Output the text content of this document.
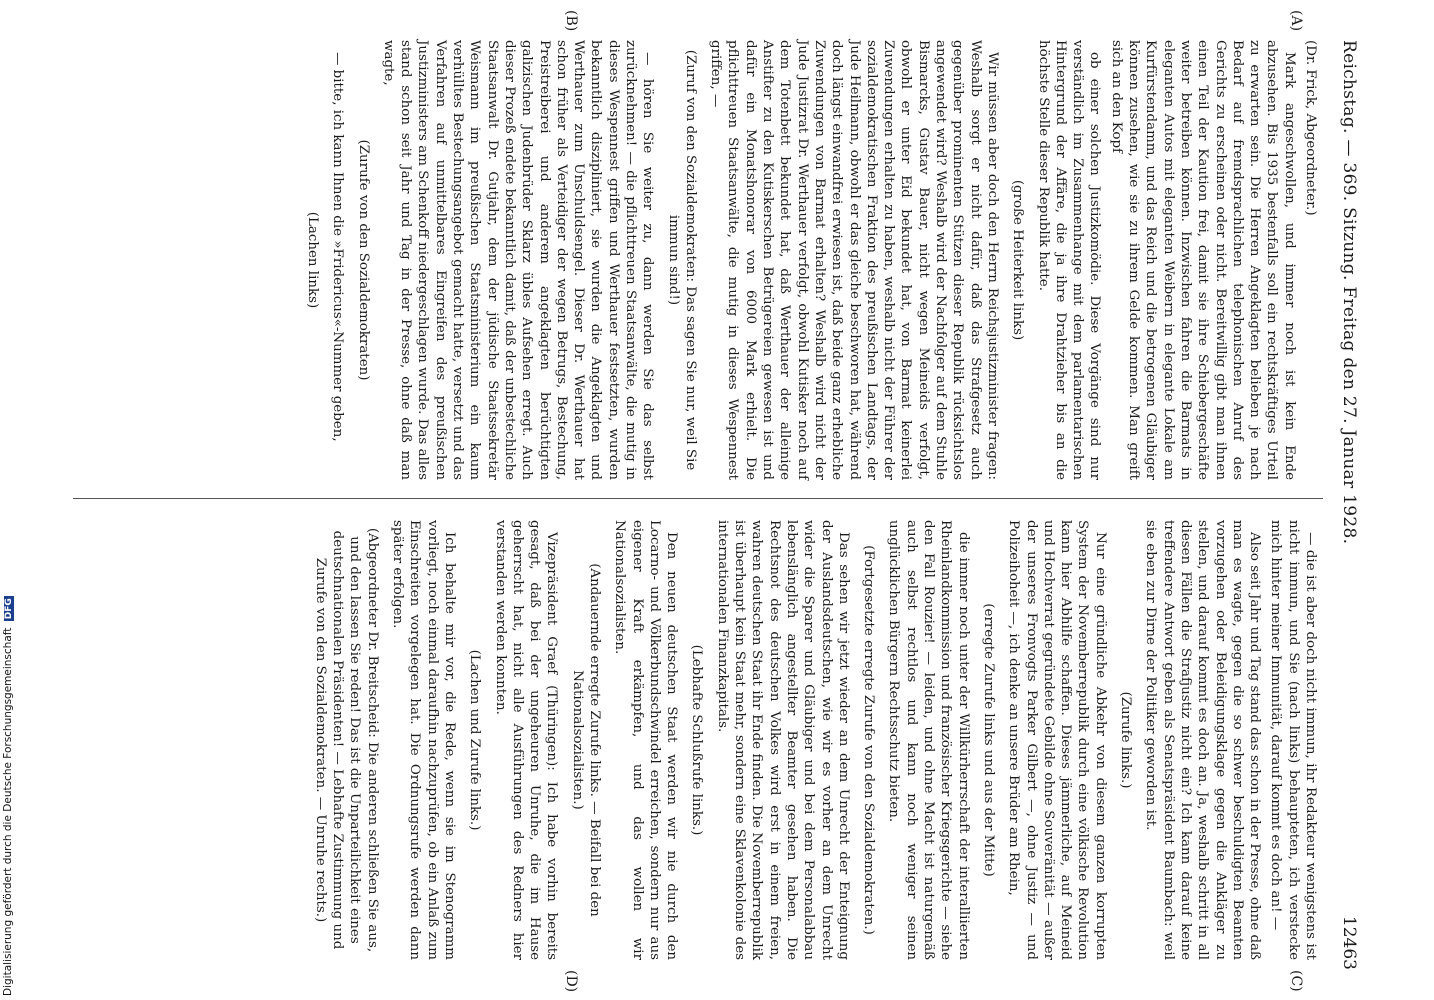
Reichstag. — 369. Sitzung. Freitag den 27. Januar 1928.
12463
(A)
(B)
(C)
(D)

(Dr. Frick, Abgeordneter.)

Mark angeschwollen, und immer noch ist kein Ende abzusehen. Bis 1935 bestenfalls soll ein rechtskräftiges Urteil zu erwarten sein. Die Herren Angeklagten belieben je nach Bedarf auf fremdsprachlichen telephonischen Anruf des Gerichts zu erscheinen oder nicht. Bereitwillig gibt man ihnen einen Teil der Kaution frei, damit sie ihre Schiebergeschäfte weiter betreiben können. Inzwischen fahren die Barmats in eleganten Autos mit eleganten Weibern in elegante Lokale am Kurfürstendamm, und das Reich und die betrogenen Gläubiger können zusehen, wie sie zu ihrem Gelde kommen. Man greift sich an den Kopf

ob einer solchen Justizkomödie. Diese Vorgänge sind nur verständlich im Zusammenhange mit dem parlamentarischen Hintergrund der Affäre, die ja ihre Drahtzieher bis an die höchste Stelle dieser Republik hatte.

(große Heiterkeit links)

Wir müssen aber doch den Herrn Reichsjustizminister fragen: Weshalb sorgt er nicht dafür, daß das Strafgesetz auch gegenüber prominenten Stützen dieser Republik rücksichtslos angewendet wird? Weshalb wird der Nachfolger auf dem Stuhle Bismarcks, Gustav Bauer, nicht wegen Meineids verfolgt, obwohl er unter Eid bekundet hat, von Barmat keinerlei Zuwendungen erhalten zu haben, weshalb nicht der Führer der sozialdemokratischen Fraktion des preußischen Landtags, der Jude Heilmann, obwohl er das gleiche beschworen hat, während doch längst einwandfrei erwiesen ist, daß beide ganz erhebliche Zuwendungen von Barmat erhalten? Weshalb wird nicht der Jude Justizrat Dr. Werthauer verfolgt, obwohl Kutisker noch auf dem Totenbett bekundet hat, daß Werthauer der alleinige Anstifter zu den Kutiskerschen Betrügereien gewesen ist und dafür ein Monatshonorar von 6000 Mark erhielt. Die pflichttreuen Staatsanwälte, die mutig in dieses Wespennest griffen, —

(Zuruf von den Sozialdemokraten: Das sagen Sie nur, weil Sie immun sind!)

— hören Sie weiter zu, dann werden Sie das selbst zurücknehmen! — die pflichttreuen Staatsanwälte, die mutig in dieses Wespennest griffen und Werthauer festsetzten, wurden bekanntlich diszipliniert, sie wurden die Angeklagten und Werthauer zum Unschuldsengel. Dieser Dr. Werthauer hat schon früher als Verteidiger der wegen Betrugs, Bestechung, Preistreiberei und anderem angeklagten berüchtigten galizischen Judenbrüder Sklarz übles Aufsehen erregt. Auch dieser Prozeß endete bekanntlich damit, daß der unbestechliche Staatsanwalt Dr. Gutjahr, dem der jüdische Staatssekretär Weismann im preußischen Staatsministerium ein kaum verhülltes Bestechungsangebot gemacht hatte, versetzt und das Verfahren auf unmittelbares Eingreifen des preußischen Justizministers am Schenkoff niedergeschlagen wurde. Das alles stand schon seit Jahr und Tag in der Presse, ohne daß man wagte,

(Zurufe von den Sozialdemokraten)

— bitte, ich kann Ihnen die »Fridericus«-Nummer geben,

(Lachen links)

— die ist aber doch nicht immun, ihr Redakteur wenigstens ist nicht immun, und Sie (nach links) behaupteten, ich verstecke mich hinter meiner Immunität, darauf kommt es doch an! —

Also seit Jahr und Tag stand das schon in der Presse, ohne daß man es wagte, gegen die so schwer beschuldigten Beamten vorzugehen oder Beleidigungsklage gegen die Ankläger zu stellen, und darauf kommt es doch an. Ja, weshalb schritt in all diesen Fällen die Strafjustiz nicht ein? Ich kann darauf keine treffendere Antwort geben als Senatspräsident Baumbach: weil sie eben zur Dirne der Politiker geworden ist.

(Zurufe links.)

Nur eine gründliche Abkehr von diesem ganzen korrupten System der Novemberrepublik durch eine völkische Revolution kann hier Abhilfe schaffen. Dieses jämmerliche, auf Meineid und Hochverrat gegründete Gebilde ohne Souveränität — außer der unseres Fronvogts Parker Gilbert —, ohne Justiz — und Polizeihoheit —, ich denke an unsere Brüder am Rhein,

(erregte Zurufe links und aus der Mitte)

die immer noch unter der Willkürherrschaft der interalliierten Rheinlandkommission und französischer Kriegsgerichte — siehe den Fall Rouzier! — leiden, und ohne Macht ist naturgemäß auch selbst rechtlos und kann noch weniger seinen unglücklichen Bürgern Rechtsschutz bieten.

(Fortgesetzte erregte Zurufe von den Sozialdemokraten.)

Das sehen wir jetzt wieder an dem Unrecht der Enteignung der Auslandsdeutschen, wie wir es vorher an dem Unrecht wider die Sparer und Gläubiger und bei dem Personalabbau lebenslänglich angestellter Beamter gesehen haben. Die Rechtsnot des deutschen Volkes wird erst in einem freien, wahren deutschen Staat ihr Ende finden. Die Novemberrepublik ist überhaupt kein Staat mehr, sondern eine Sklavenkolonie des internationalen Finanzkapitals.

(Lebhafte Schlußrufe links.)

Den neuen deutschen Staat werden wir nie durch den Locarno- und Völkerbundschwindel erreichen, sondern nur aus eigener Kraft erkämpfen, und das wollen wir Nationalsozialisten.

(Andauernde erregte Zurufe links. — Beifall bei den Nationalsozialisten.)

Vizepräsident Graef (Thüringen): Ich habe vorhin bereits gesagt, daß bei der ungeheuren Unruhe, die im Hause geherrscht hat, nicht alle Ausführungen des Redners hier verstanden werden konnten.

(Lachen und Zurufe links.)

Ich behalte mir vor, die Rede, wenn sie im Stenogramm vorliegt, noch einmal daraufhin nachzuprüfen, ob ein Anlaß zum Einschreiten vorgelegen hat. Die Ordnungsrufe werden dann später erfolgen.

(Abgeordneter Dr. Breitscheid: Die anderen schließen Sie aus, und den lassen Sie reden! Das ist die Unparteilichkeit eines deutschnationalen Präsidenten! — Lebhafte Zustimmung und Zurufe von den Sozialdemokraten. — Unruhe rechts.)

Digitalisierung gefördert durch die Deutsche Forschungsgemeinschaft DFG
